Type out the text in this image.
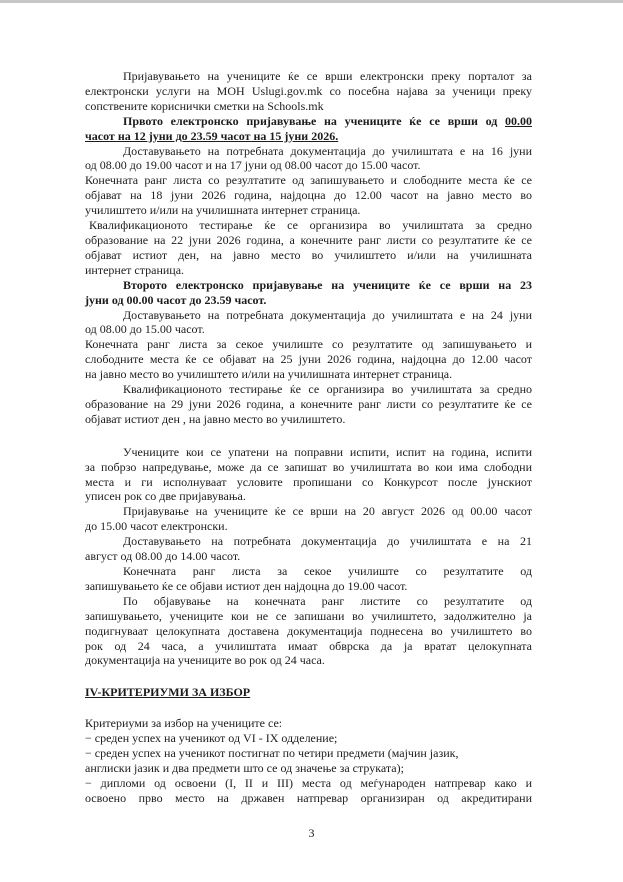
Пријавувањето на учениците ќе се врши електронски преку порталот за
електронски услуги на МОН Uslugi.gov.mk со посебна најава за ученици преку
сопствените кориснички сметки на Schools.mk
Првото електронско пријавување на учениците ќе се врши од 00.00
часот на 12 јуни до 23.59 часот на 15 јуни 2026.
Доставувањето на потребната документација до училиштата е на 16 јуни
од 08.00 до 19.00 часот и на 17 јуни од 08.00 часот до 15.00 часот.
Конечната ранг листа со резултатите од запишувањето и слободните места ќе се
објават на 18 јуни 2026 година, најдоцна до 12.00 часот на јавно место во
училиштето и/или на училишната интернет страница.
Квалификационото тестирање ќе се организира во училиштата за средно
образование на 22 јуни 2026 година, а конечните ранг листи со резултатите ќе се
објават истиот ден, на јавно место во училиштето и/или на училишната
интернет страница.
Второто електронско пријавување на учениците ќе се врши на 23
јуни од 00.00 часот до 23.59 часот.
Доставувањето на потребната документација до училиштата е на 24 јуни
од 08.00 до 15.00 часот.
Конечната ранг листа за секое училиште со резултатите од запишувањето и
слободните места ќе се објават на 25 јуни 2026 година, најдоцна до 12.00 часот
на јавно место во училиштето и/или на училишната интернет страница.
Квалификационото тестирање ќе се организира во училиштата за средно
образование на 29 јуни 2026 година, а конечните ранг листи со резултатите ќе се
објават истиот ден , на јавно место во училиштето.
Учениците кои се упатени на поправни испити, испит на година, испити
за побрзо напредување, може да се запишат во училиштата во кои има слободни
места и ги исполнуваат условите пропишани со Конкурсот после јунскиот
уписен рок со две пријавувања.
Пријавување на учениците ќе се врши на 20 август 2026 од 00.00 часот
до 15.00 часот електронски.
Доставувањето на потребната документација до училиштата е на 21
август од 08.00 до 14.00 часот.
Конечната ранг листа за секое училиште со резултатите од
запишувањето ќе се објави истиот ден најдоцна до 19.00 часот.
По објавување на конечната ранг листите со резултатите од
запишувањето, учениците кои не се запишани во училиштето, задолжително ја
подигнуваат целокупната доставена документација поднесена во училиштето во
рок од 24 часа, а училиштата имаат обврска да ја вратат целокупната
документација на учениците во рок од 24 часа.
IV-КРИТЕРИУМИ ЗА ИЗБОР
Критериуми за избор на учениците се:
− среден успех на ученикот од VI - IX одделение;
− среден успех на ученикот постигнат по четири предмети (мајчин јазик,
англиски јазик и два предмети што се од значење за струката);
− дипломи од освоени (I, II и III) места од меѓународен натпревар како и
освоено прво место на државен натпревар организиран од акредитирани
3
